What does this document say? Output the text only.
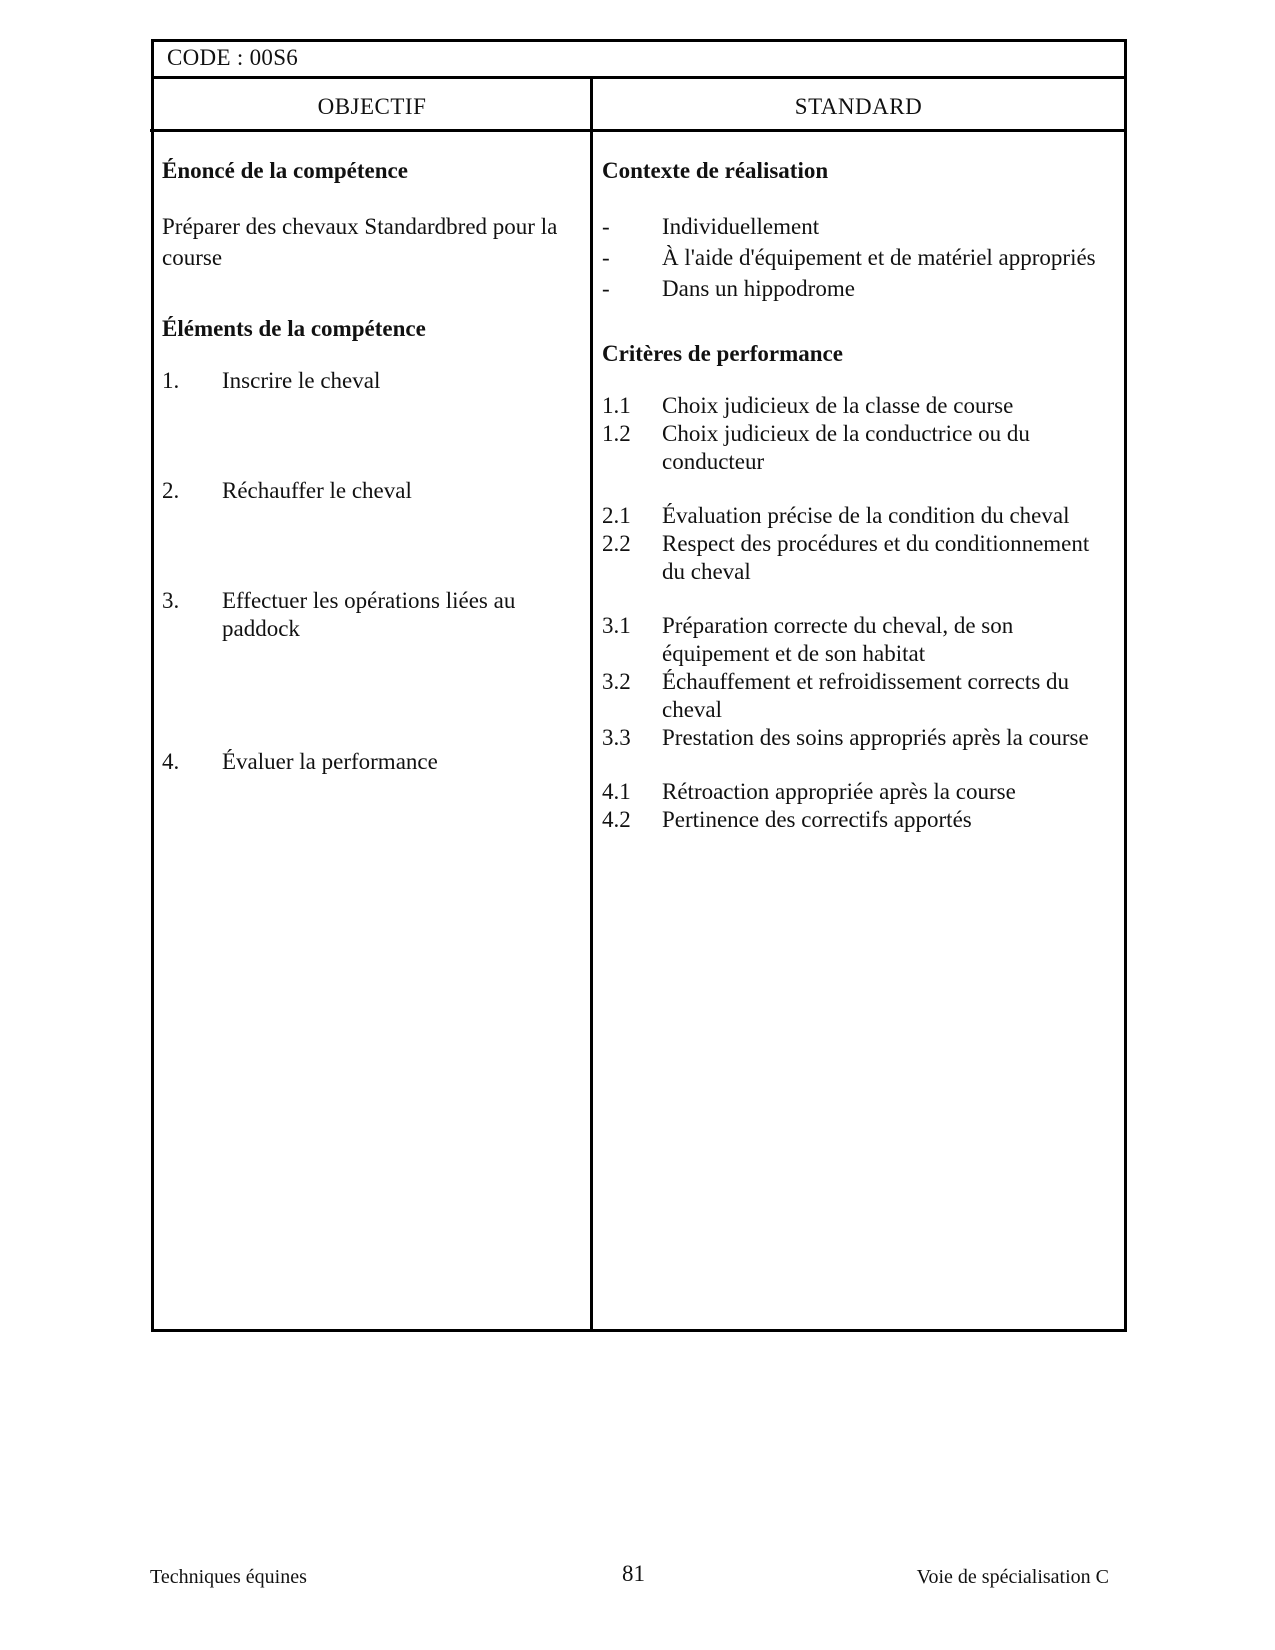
CODE : 00S6
OBJECTIF	STANDARD
Énoncé de la compétence
Préparer des chevaux Standardbred pour la course
Éléments de la compétence
1.	Inscrire le cheval
2.	Réchauffer le cheval
3.	Effectuer les opérations liées au paddock
4.	Évaluer la performance
Contexte de réalisation
-	Individuellement
-	À l'aide d'équipement et de matériel appropriés
-	Dans un hippodrome
Critères de performance
1.1	Choix judicieux de la classe de course
1.2	Choix judicieux de la conductrice ou du conducteur
2.1	Évaluation précise de la condition du cheval
2.2	Respect des procédures et du conditionnement du cheval
3.1	Préparation correcte du cheval, de son équipement et de son habitat
3.2	Échauffement et refroidissement corrects du cheval
3.3	Prestation des soins appropriés après la course
4.1	Rétroaction appropriée après la course
4.2	Pertinence des correctifs apportés
Techniques équines	81	Voie de spécialisation C
